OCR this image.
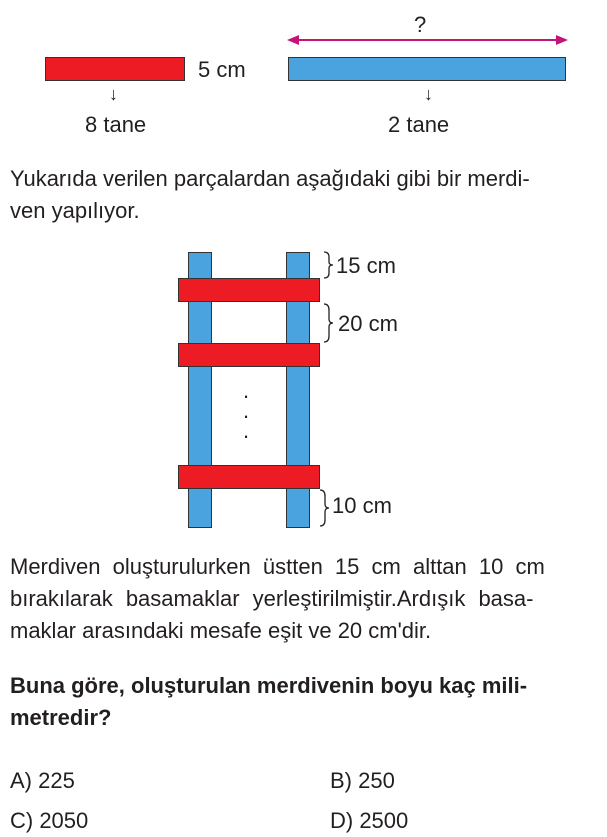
5 cm
↓
8 tane
?
↓
2 tane
Yukarıda verilen parçalardan aşağıdaki gibi bir merdi-
ven yapılıyor.
·
·
·
15 cm
20 cm
10 cm
Merdiven oluşturulurken üstten 15 cm alttan 10 cm
bırakılarak basamaklar yerleştirilmiştir.Ardışık basa-
maklar arasındaki mesafe eşit ve 20 cm'dir.
Buna göre, oluşturulan merdivenin boyu kaç mili-
metredir?
A) 225	B) 250
C) 2050	D) 2500
